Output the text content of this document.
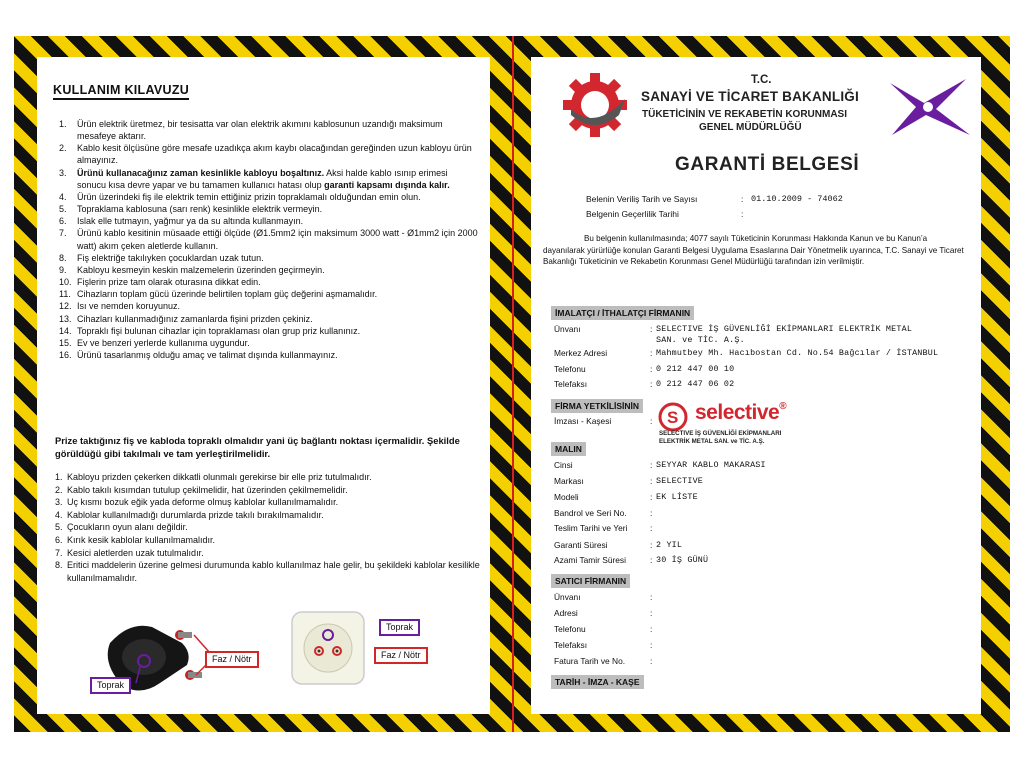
KULLANIM KILAVUZU
1.	Ürün elektrik üretmez, bir tesisatta var olan elektrik akımını kablosunun uzandığı maksimum mesafeye aktarır.
2.	Kablo kesit ölçüsüne göre mesafe uzadıkça akım kaybı olacağından gereğinden uzun kabloyu ürün almayınız.
3.	Ürünü kullanacağınız zaman kesinlikle kabloyu boşaltınız. Aksi halde kablo ısınıp erimesi sonucu kısa devre yapar ve bu tamamen kullanıcı hatası olup garanti kapsamı dışında kalır.
4.	Ürün üzerindeki fiş ile elektrik temin ettiğiniz prizin topraklamalı olduğundan emin olun.
5.	Topraklama kablosuna (sarı renk) kesinlikle elektrik vermeyin.
6.	Islak elle tutmayın, yağmur ya da su altında kullanmayın.
7.	Ürünü kablo kesitinin müsaade ettiği ölçüde (Ø1.5mm2 için maksimum 3000 watt - Ø1mm2 için 2000 watt) akım çeken aletlerde kullanın.
8.	Fiş elektriğe takılıyken çocuklardan uzak tutun.
9.	Kabloyu kesmeyin keskin malzemelerin üzerinden geçirmeyin.
10. Fişlerin prize tam olarak oturasına dikkat edin.
11. Cihazların toplam gücü üzerinde belirtilen toplam güç değerini aşmamalıdır.
12. Isı ve nemden koruyunuz.
13. Cihazları kullanmadığınız zamanlarda fişini prizden çekiniz.
14. Topraklı fişi bulunan cihazlar için topraklaması olan grup priz kullanınız.
15. Ev ve benzeri yerlerde kullanıma uygundur.
16. Ürünü tasarlanmış olduğu amaç ve talimat dışında kullanmayınız.
Prize taktığınız fiş ve kabloda topraklı olmalıdır yani üç bağlantı noktası içermalidir. Şekilde görüldüğü gibi takılmalı ve tam yerleştirilmelidir.
1. Kabloyu prizden çekerken dikkatli olunmalı gerekirse bir elle priz tutulmalıdır.
2. Kablo takılı kısımdan tutulup çekilmelidir, hat üzerinden çekilmemelidir.
3. Uç kısmı bozuk eğik yada deforme olmuş kablolar kullanılmamalıdır.
4. Kablolar kullanılmadığı durumlarda prizde takılı bırakılmamalıdır.
5. Çocukların oyun alanı değildir.
6. Kırık kesik kablolar kullanılmamalıdır.
7. Kesici aletlerden uzak tutulmalıdır.
8. Eritici maddelerin üzerine gelmesi durumunda kablo kullanılmaz hale gelir, bu şekildeki kablolar kesilikle kullanılmamalıdır.
Faz / Nötr
Toprak
Toprak
Faz / Nötr
T.C.
SANAYİ VE TİCARET BAKANLIĞI
TÜKETİCİNİN VE REKABETİN KORUNMASI
GENEL MÜDÜRLÜĞÜ
GARANTİ BELGESİ
Belenin Veriliş Tarih ve Sayısı	: 01.10.2009 - 74062
Belgenin Geçerlilik Tarihi	:
Bu belgenin kullanılmasında; 4077 sayılı Tüketicinin Korunması Hakkında Kanun ve bu Kanun’a dayanılarak yürürlüğe konulan Garanti Belgesi Uygulama Esaslarına Dair Yönetmelik uyarınca, T.C. Sanayi ve Ticaret Bakanlığı Tüketicinin ve Rekabetin Korunması Genel Müdürlüğü tarafından izin verilmiştir.
İMALATÇI / İTHALATÇI FİRMANIN
Ünvanı	: SELECTIVE İŞ GÜVENLİĞİ EKİPMANLARI ELEKTRİK METAL
SAN. ve TİC. A.Ş.
Merkez Adresi	: Mahmutbey Mh. Hacıbostan Cd. No.54 Bağcılar / İSTANBUL
Telefonu	: 0 212 447 00 10
Telefaksı	: 0 212 447 06 02
FİRMA YETKİLİSİNİN
İmzası - Kaşesi	: S selective®
SELECTIVE İŞ GÜVENLİĞİ EKİPMANLARI
ELEKTRİK METAL SAN. ve TİC. A.Ş.
MALIN
Cinsi	: SEYYAR KABLO MAKARASI
Markası	: SELECTIVE
Modeli	: EK LİSTE
Bandrol ve Seri No.	:
Teslim Tarihi ve Yeri	:
Garanti Süresi	: 2 YIL
Azami Tamir Süresi	: 30 İŞ GÜNÜ
SATICI FİRMANIN
Ünvanı	:
Adresi	:
Telefonu	:
Telefaksı	:
Fatura Tarih ve No.	:
TARİH - İMZA - KAŞE
